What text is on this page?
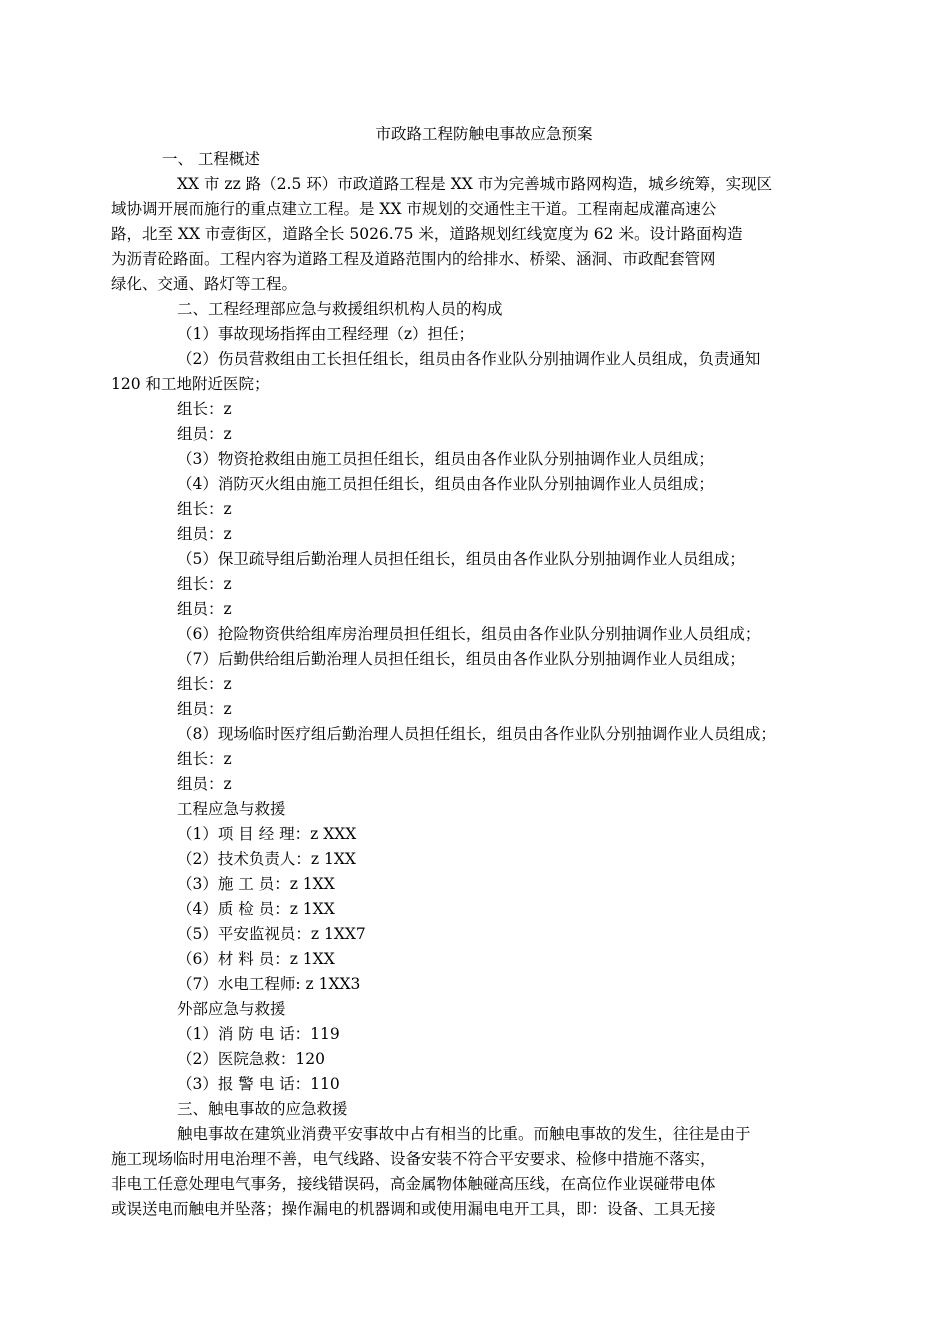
市政路工程防触电事故应急预案

一、 工程概述

XX 市 zz 路（2.5 环）市政道路工程是 XX 市为完善城市路网构造，城乡统筹，实现区
域协调开展而施行的重点建立工程。是 XX 市规划的交通性主干道。工程南起成灌高速公
路，北至 XX 市壹街区，道路全长 5026.75 米，道路规划红线宽度为 62 米。设计路面构造
为沥青砼路面。工程内容为道路工程及道路范围内的给排水、桥梁、涵洞、市政配套管网
绿化、交通、路灯等工程。

二、工程经理部应急与救援组织机构人员的构成

（1）事故现场指挥由工程经理（z）担任；

（2）伤员营救组由工长担任组长，组员由各作业队分别抽调作业人员组成，负责通知
120 和工地附近医院；

组长：z

组员：z

（3）物资抢救组由施工员担任组长，组员由各作业队分别抽调作业人员组成；

（4）消防灭火组由施工员担任组长，组员由各作业队分别抽调作业人员组成；

组长：z

组员：z

（5）保卫疏导组后勤治理人员担任组长，组员由各作业队分别抽调作业人员组成；

组长：z

组员：z

（6）抢险物资供给组库房治理员担任组长，组员由各作业队分别抽调作业人员组成；

（7）后勤供给组后勤治理人员担任组长，组员由各作业队分别抽调作业人员组成；

组长：z

组员：z

（8）现场临时医疗组后勤治理人员担任组长，组员由各作业队分别抽调作业人员组成；

组长：z

组员：z

工程应急与救援

（1）项 目 经 理：z XXX

（2）技术负责人：z 1XX

（3）施 工 员：z 1XX

（4）质 检 员：z 1XX

（5）平安监视员：z 1XX7

（6）材 料 员：z 1XX

（7）水电工程师: z 1XX3

外部应急与救援

（1）消 防 电 话：119

（2）医院急救：120

（3）报 警 电 话：110

三、触电事故的应急救援

触电事故在建筑业消费平安事故中占有相当的比重。而触电事故的发生，往往是由于
施工现场临时用电治理不善，电气线路、设备安装不符合平安要求、检修中措施不落实，
非电工任意处理电气事务，接线错误码，高金属物体触碰高压线，在高位作业误碰带电体
或误送电而触电并坠落；操作漏电的机器调和或使用漏电电开工具，即：设备、工具无接
